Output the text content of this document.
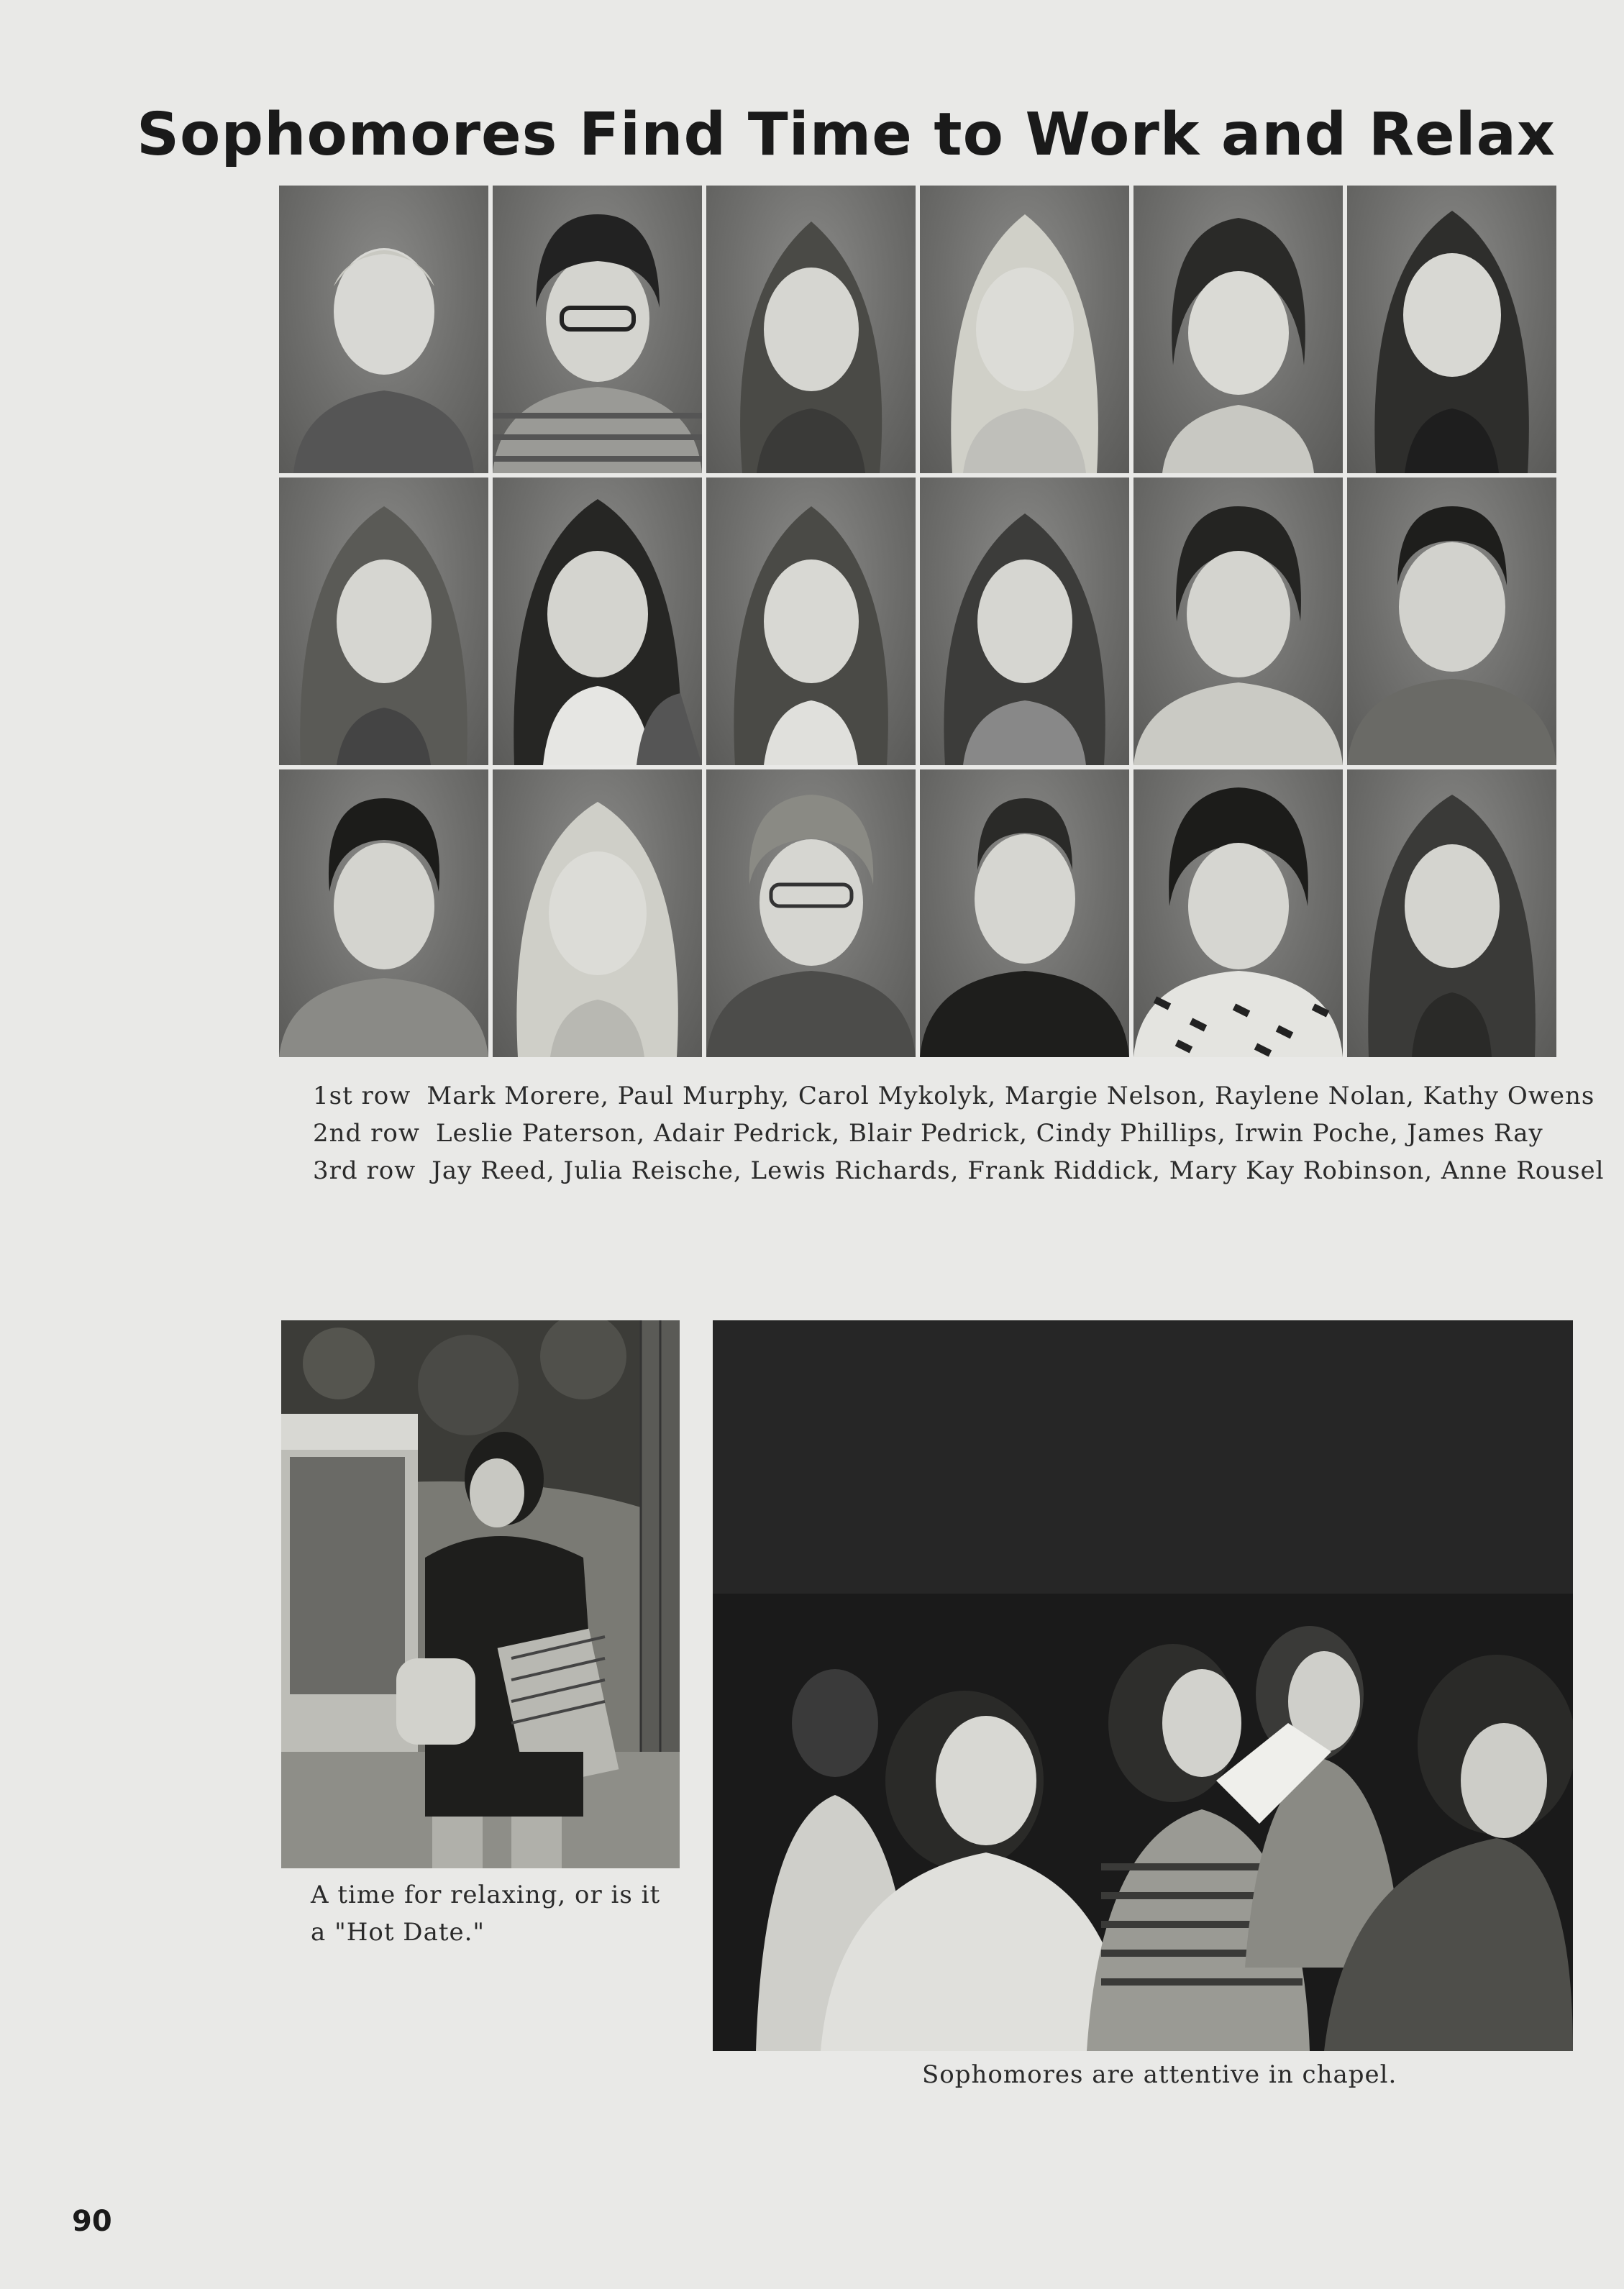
Sophomores Find Time to Work and Relax
1st row Mark Morere, Paul Murphy, Carol Mykolyk, Margie Nelson, Raylene Nolan, Kathy Owens
2nd row Leslie Paterson, Adair Pedrick, Blair Pedrick, Cindy Phillips, Irwin Poche, James Ray
3rd row Jay Reed, Julia Reische, Lewis Richards, Frank Riddick, Mary Kay Robinson, Anne Rousel
A time for relaxing, or is it
a "Hot Date."
Sophomores are attentive in chapel.
90
